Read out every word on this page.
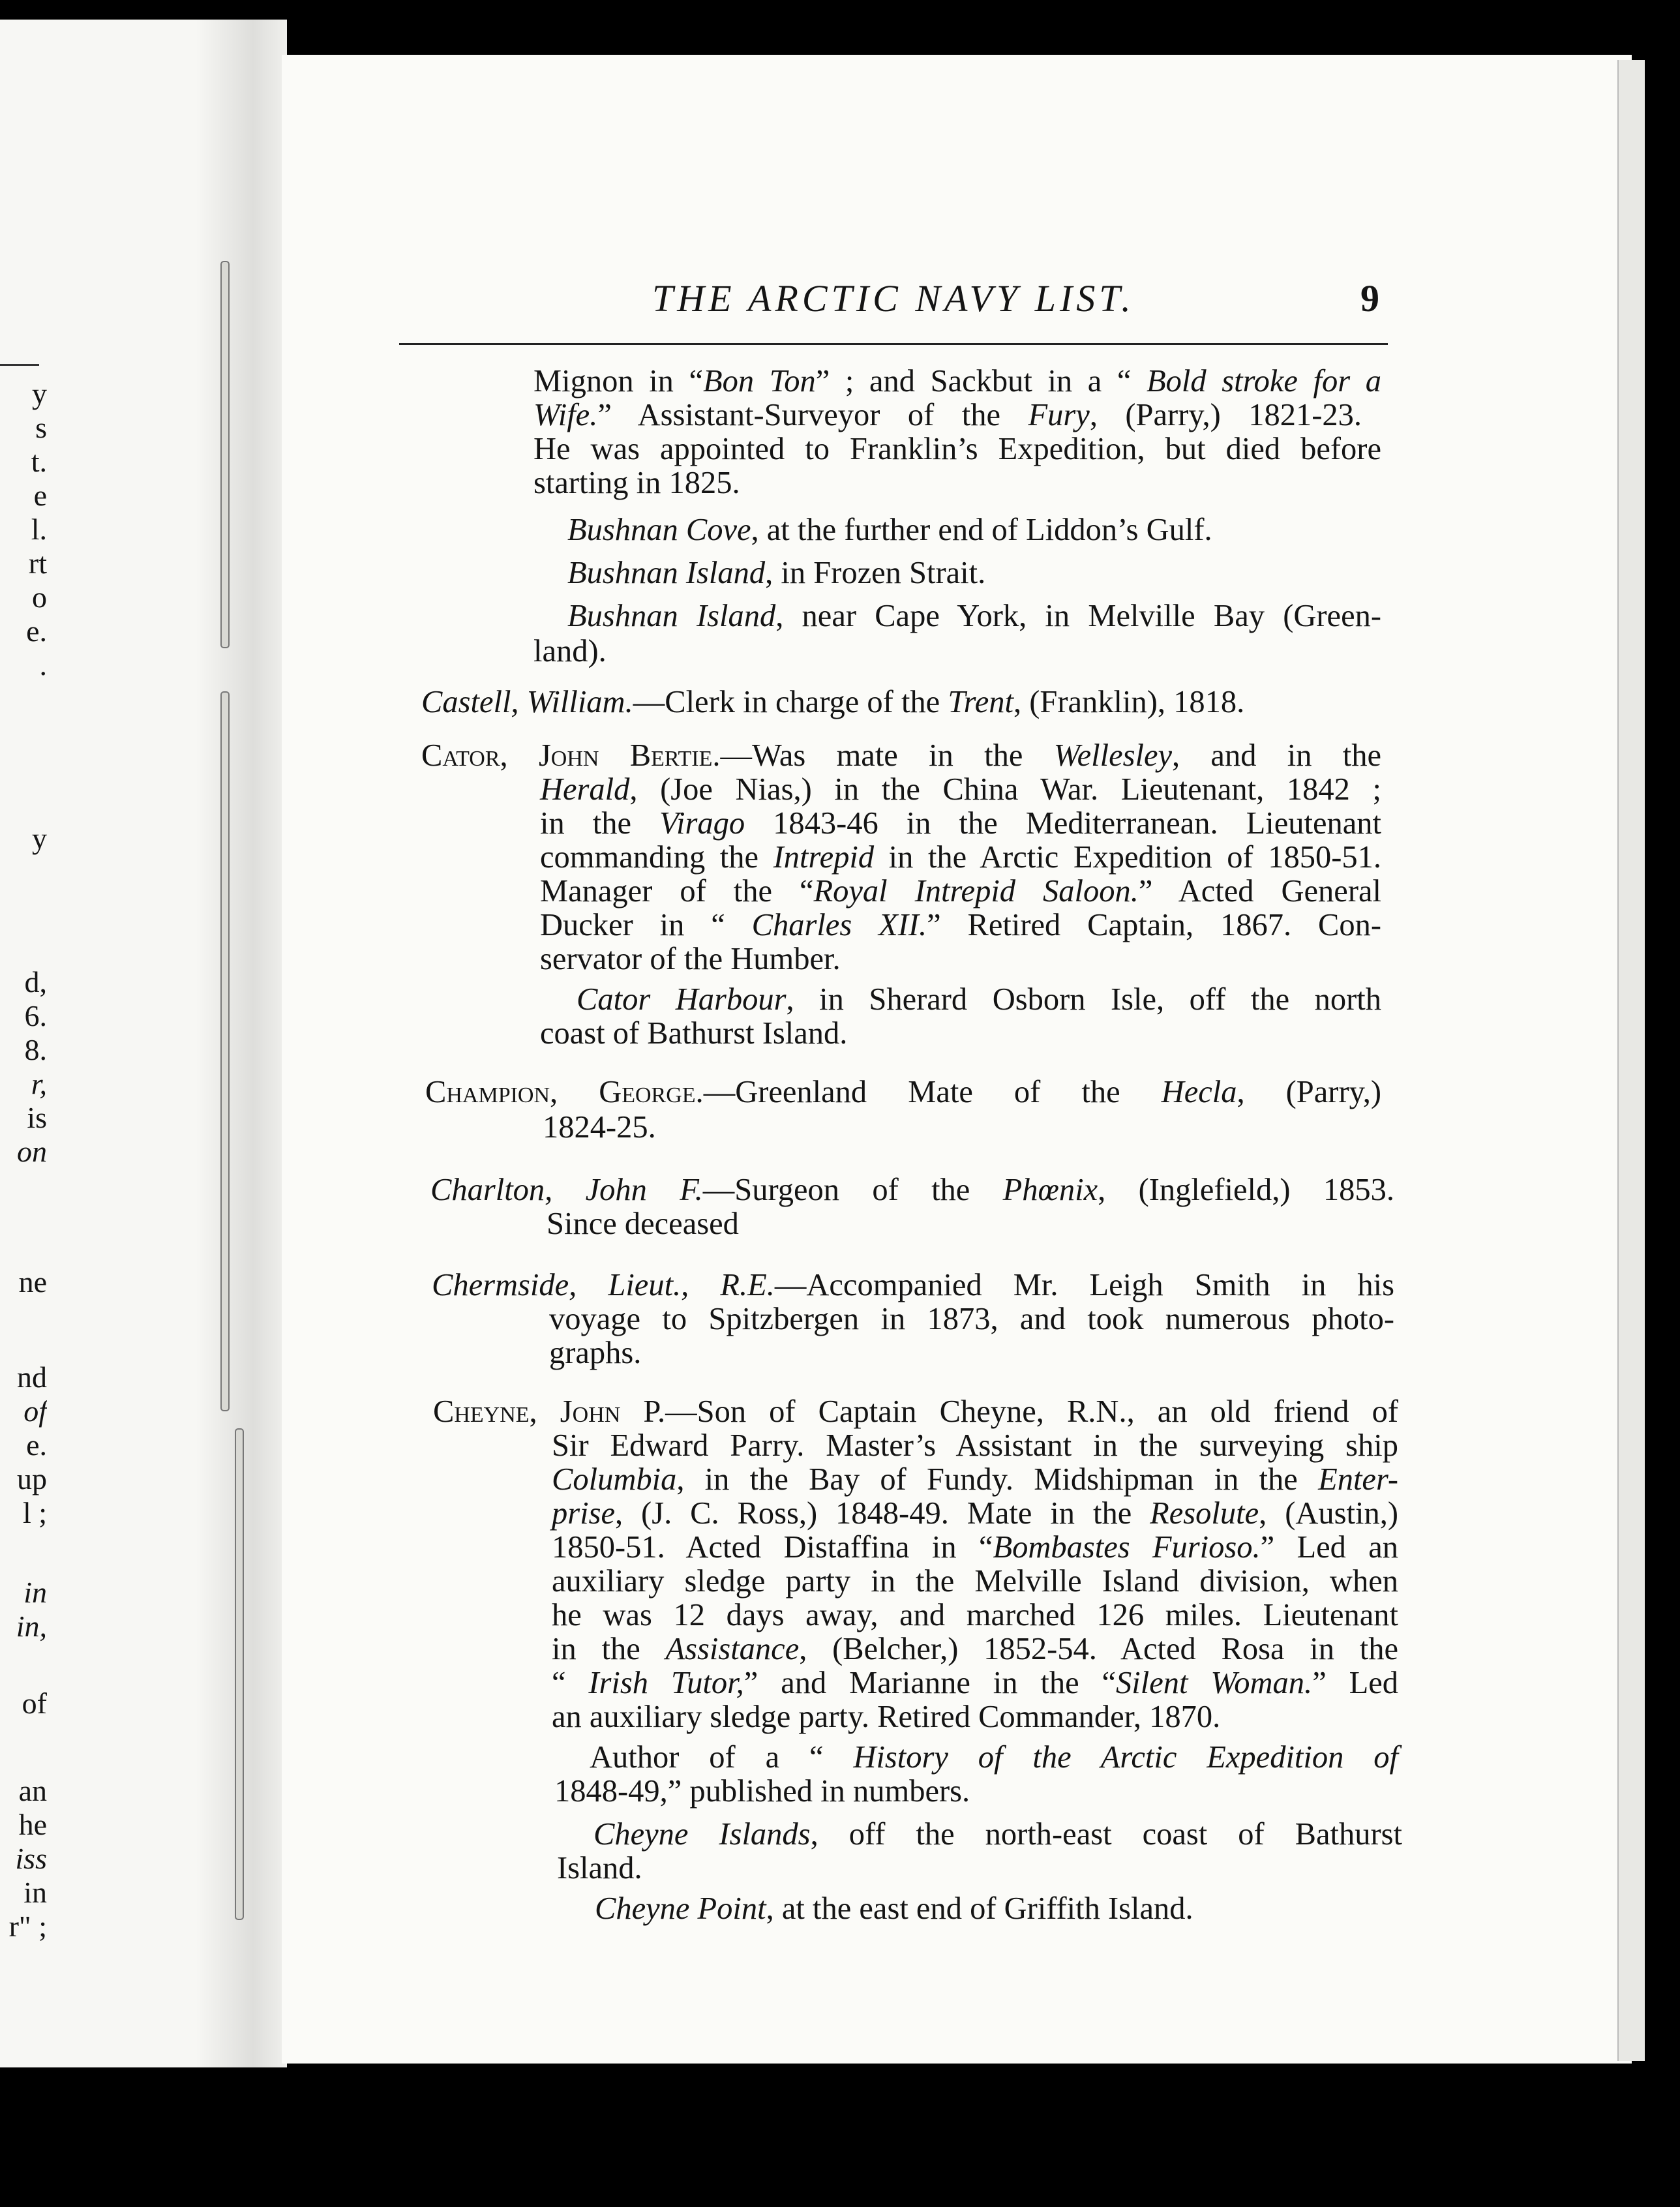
y
s
t.
e
l.
rt
o
e.
.
y
d,
6.
8.
r,
is
on
ne
nd
of
e.
up
l ;
in
in,
of
an
he
iss
in
r" ;
THE ARCTIC NAVY LIST.	9
Mignon in “Bon Ton” ; and Sackbut in a “ Bold stroke for a
Wife.” Assistant-Surveyor of the Fury, (Parry,) 1821-23.
He was appointed to Franklin’s Expedition, but died before
starting in 1825.
Bushnan Cove, at the further end of Liddon’s Gulf.
Bushnan Island, in Frozen Strait.
Bushnan Island, near Cape York, in Melville Bay (Green-
land).
Castell, William.—Clerk in charge of the Trent, (Franklin), 1818.
Cator, John Bertie.—Was mate in the Wellesley, and in the
Herald, (Joe Nias,) in the China War. Lieutenant, 1842 ;
in the Virago 1843-46 in the Mediterranean. Lieutenant
commanding the Intrepid in the Arctic Expedition of 1850-51.
Manager of the “Royal Intrepid Saloon.” Acted General
Ducker in “ Charles XII.” Retired Captain, 1867. Con-
servator of the Humber.
Cator Harbour, in Sherard Osborn Isle, off the north
coast of Bathurst Island.
Champion, George.—Greenland Mate of the Hecla, (Parry,)
1824-25.
Charlton, John F.—Surgeon of the Phœnix, (Inglefield,) 1853.
Since deceased
Chermside, Lieut., R.E.—Accompanied Mr. Leigh Smith in his
voyage to Spitzbergen in 1873, and took numerous photo-
graphs.
Cheyne, John P.—Son of Captain Cheyne, R.N., an old friend of
Sir Edward Parry. Master’s Assistant in the surveying ship
Columbia, in the Bay of Fundy. Midshipman in the Enter-
prise, (J. C. Ross,) 1848-49. Mate in the Resolute, (Austin,)
1850-51. Acted Distaffina in “Bombastes Furioso.” Led an
auxiliary sledge party in the Melville Island division, when
he was 12 days away, and marched 126 miles. Lieutenant
in the Assistance, (Belcher,) 1852-54. Acted Rosa in the
“ Irish Tutor,” and Marianne in the “Silent Woman.” Led
an auxiliary sledge party. Retired Commander, 1870.
Author of a “ History of the Arctic Expedition of
1848-49,” published in numbers.
Cheyne Islands, off the north-east coast of Bathurst
Island.
Cheyne Point, at the east end of Griffith Island.
